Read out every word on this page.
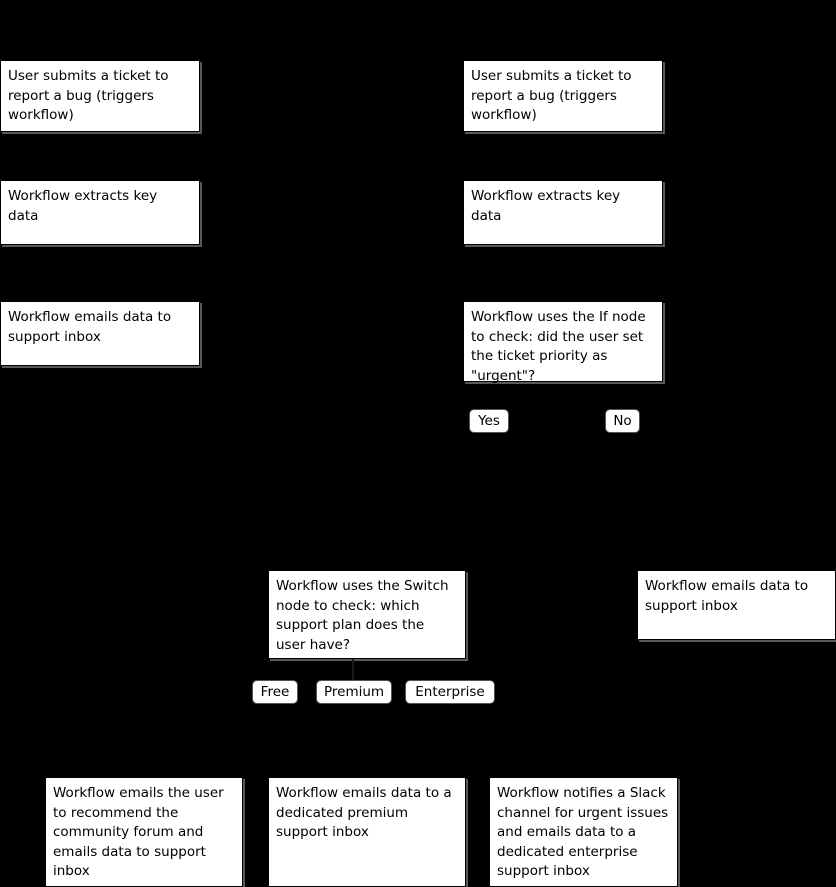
User submits a ticket to report a bug (triggers workflow)
Workflow extracts key data
Workflow emails data to support inbox
User submits a ticket to report a bug (triggers workflow)
Workflow extracts key data
Workflow uses the If node to check: did the user set the ticket priority as "urgent"?
Yes	No
Workflow uses the Switch node to check: which support plan does the user have?
Workflow emails data to support inbox
Free	Premium	Enterprise
Workflow emails the user to recommend the community forum and emails data to support inbox
Workflow emails data to a dedicated premium support inbox
Workflow notifies a Slack channel for urgent issues and emails data to a dedicated enterprise support inbox
